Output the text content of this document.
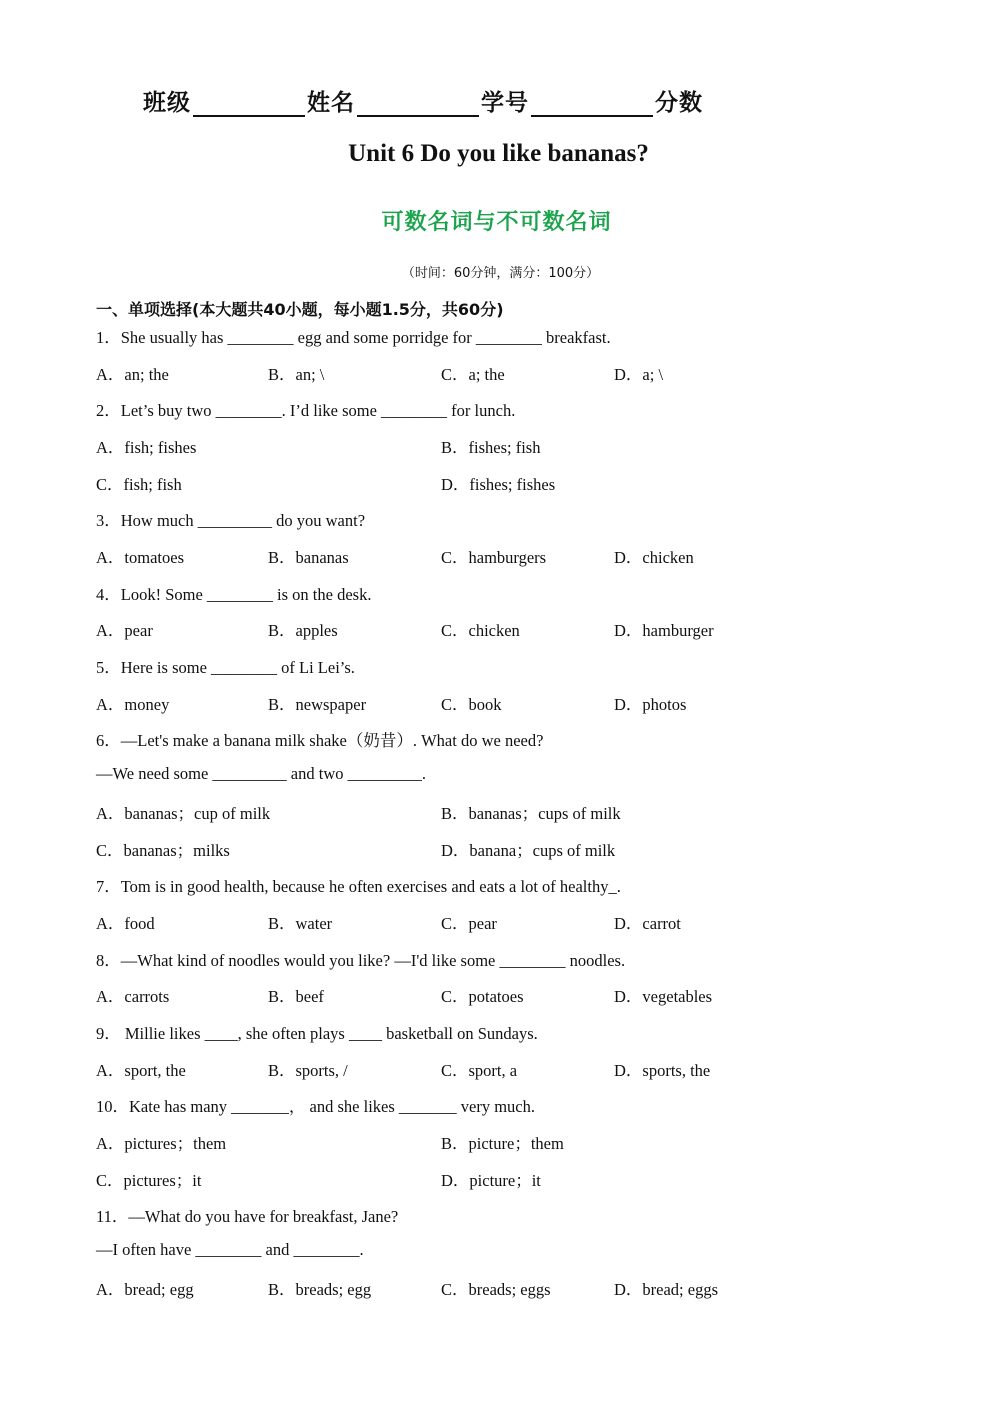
班级	姓名	学号	分数
Unit 6 Do you like bananas?
可数名词与不可数名词
（时间：60分钟，满分：100分）
一、单项选择(本大题共40小题，每小题1.5分，共60分)
1．She usually has ________ egg and some porridge for ________ breakfast.
A．an; the	B．an; \	C．a; the	D．a; \
2．Let’s buy two ________. I’d like some ________ for lunch.
A．fish; fishes	B．fishes; fish
C．fish; fish	D．fishes; fishes
3．How much _________ do you want?
A．tomatoes	B．bananas	C．hamburgers	D．chicken
4．Look! Some ________ is on the desk.
A．pear	B．apples	C．chicken	D．hamburger
5．Here is some ________ of Li Lei’s.
A．money	B．newspaper	C．book	D．photos
6．—Let's make a banana milk shake（奶昔）. What do we need?
—We need some _________ and two _________.
A．bananas；cup of milk	B．bananas；cups of milk
C．bananas；milks	D．banana；cups of milk
7．Tom is in good health, because he often exercises and eats a lot of healthy_.
A．food	B．water	C．pear	D．carrot
8．—What kind of noodles would you like? —I'd like some ________ noodles.
A．carrots	B．beef	C．potatoes	D．vegetables
9． Millie likes ____, she often plays ____ basketball on Sundays.
A．sport, the	B．sports, /	C．sport, a	D．sports, the
10．Kate has many _______， and she likes _______ very much.
A．pictures；them	B．picture；them
C．pictures；it	D．picture；it
11．—What do you have for breakfast, Jane?
—I often have ________ and ________.
A．bread; egg	B．breads; egg	C．breads; eggs	D．bread; eggs
